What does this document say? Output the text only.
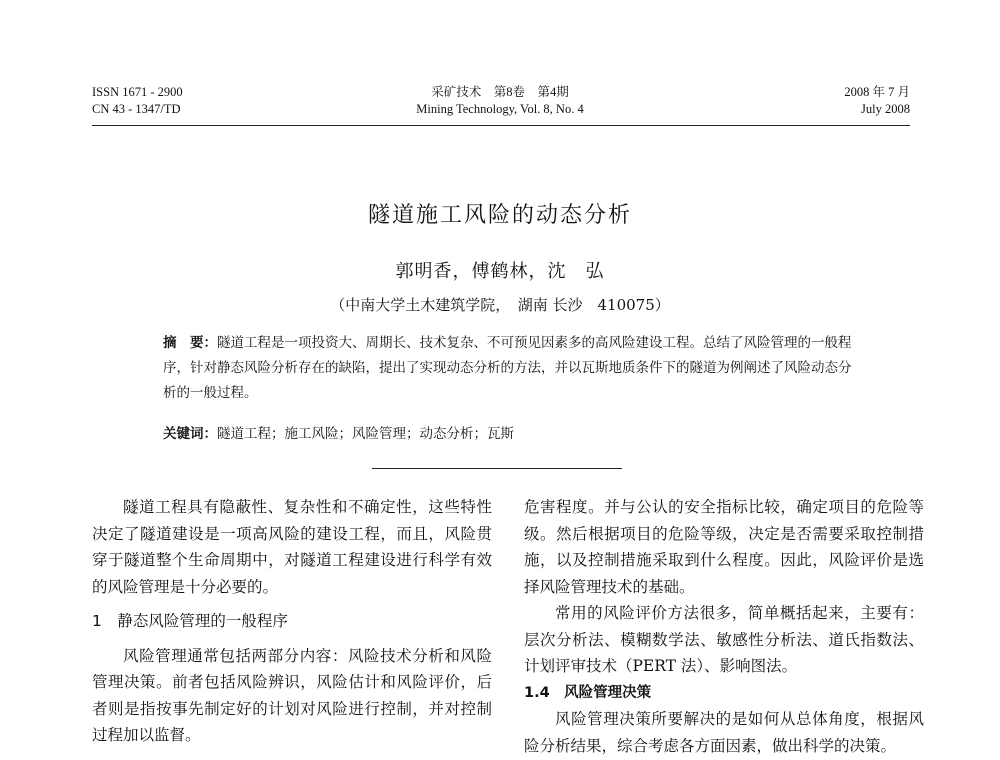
ISSN 1671 - 2900
CN 43 - 1347/TD
采矿技术　第8卷　第4期
Mining Technology, Vol. 8, No. 4
2008 年 7 月
July 2008
隧道施工风险的动态分析
郭明香，傅鹤林，沈　弘
（中南大学土木建筑学院，　湖南 长沙　410075）
摘　要：隧道工程是一项投资大、周期长、技术复杂、不可预见因素多的高风险建设工程。总结了风险管理的一般程序，针对静态风险分析存在的缺陷，提出了实现动态分析的方法，并以瓦斯地质条件下的隧道为例阐述了风险动态分析的一般过程。
关键词：隧道工程；施工风险；风险管理；动态分析；瓦斯

隧道工程具有隐蔽性、复杂性和不确定性，这些特性决定了隧道建设是一项高风险的建设工程，而且，风险贯穿于隧道整个生命周期中，对隧道工程建设进行科学有效的风险管理是十分必要的。

1　静态风险管理的一般程序

风险管理通常包括两部分内容：风险技术分析和风险管理决策。前者包括风险辨识，风险估计和风险评价，后者则是指按事先制定好的计划对风险进行控制，并对控制过程加以监督。

危害程度。并与公认的安全指标比较，确定项目的危险等级。然后根据项目的危险等级，决定是否需要采取控制措施，以及控制措施采取到什么程度。因此，风险评价是选择风险管理技术的基础。

常用的风险评价方法很多，简单概括起来，主要有：层次分析法、模糊数学法、敏感性分析法、道氏指数法、计划评审技术（PERT 法）、影响图法。

1.4　风险管理决策

风险管理决策所要解决的是如何从总体角度，根据风险分析结果，综合考虑各方面因素，做出科学的决策。
